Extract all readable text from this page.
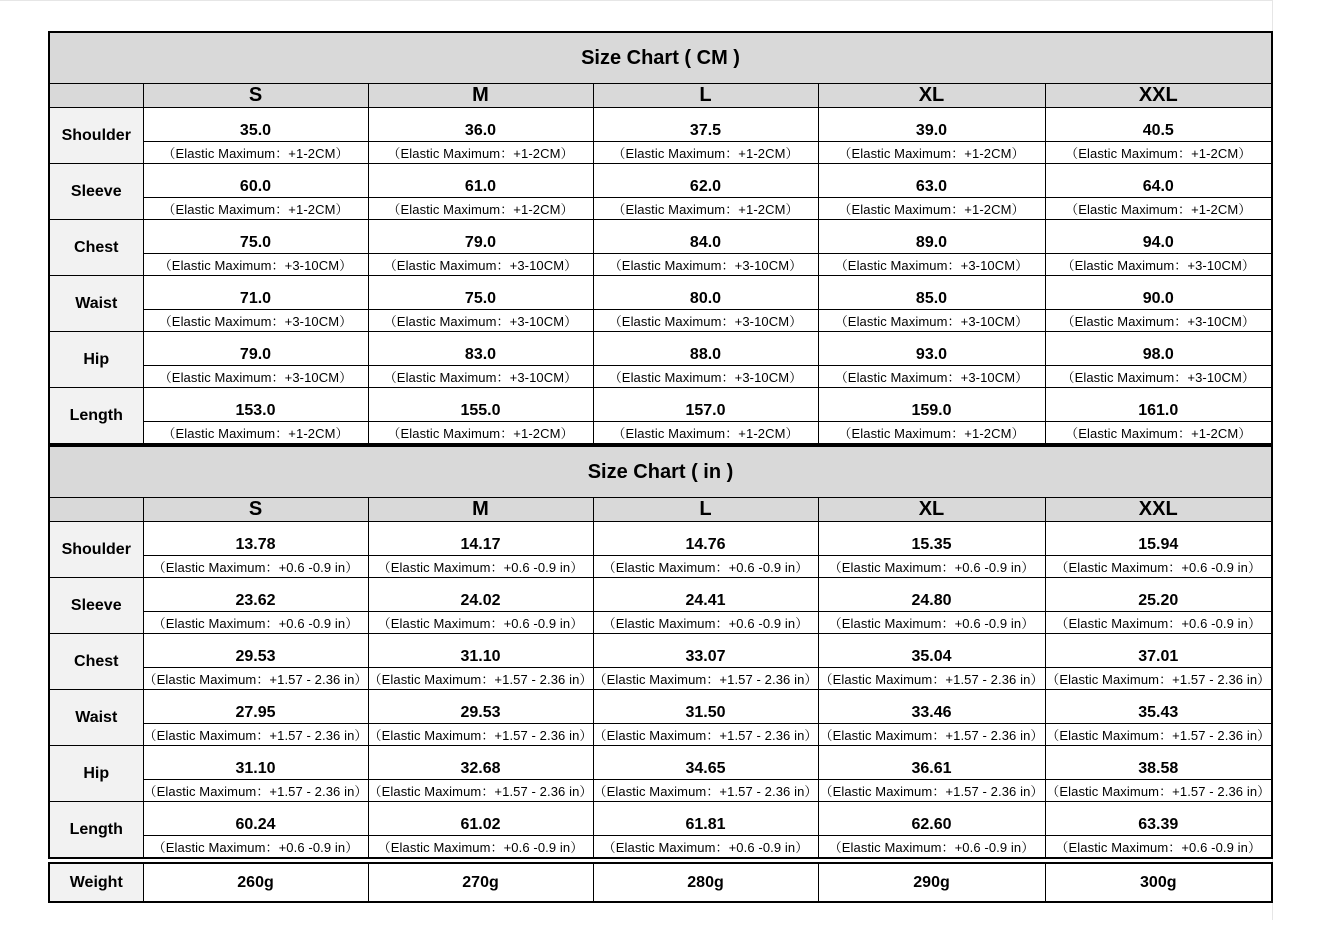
Size Chart ( CM )					
	S	M	L	XL	XXL
Shoulder	35.0	36.0	37.5	39.0	40.5
	（Elastic Maximum：+1-2CM）	（Elastic Maximum：+1-2CM）	（Elastic Maximum：+1-2CM）	（Elastic Maximum：+1-2CM）	（Elastic Maximum：+1-2CM）
Sleeve	60.0	61.0	62.0	63.0	64.0
	（Elastic Maximum：+1-2CM）	（Elastic Maximum：+1-2CM）	（Elastic Maximum：+1-2CM）	（Elastic Maximum：+1-2CM）	（Elastic Maximum：+1-2CM）
Chest	75.0	79.0	84.0	89.0	94.0
	（Elastic Maximum：+3-10CM）	（Elastic Maximum：+3-10CM）	（Elastic Maximum：+3-10CM）	（Elastic Maximum：+3-10CM）	（Elastic Maximum：+3-10CM）
Waist	71.0	75.0	80.0	85.0	90.0
	（Elastic Maximum：+3-10CM）	（Elastic Maximum：+3-10CM）	（Elastic Maximum：+3-10CM）	（Elastic Maximum：+3-10CM）	（Elastic Maximum：+3-10CM）
Hip	79.0	83.0	88.0	93.0	98.0
	（Elastic Maximum：+3-10CM）	（Elastic Maximum：+3-10CM）	（Elastic Maximum：+3-10CM）	（Elastic Maximum：+3-10CM）	（Elastic Maximum：+3-10CM）
Length	153.0	155.0	157.0	159.0	161.0
	（Elastic Maximum：+1-2CM）	（Elastic Maximum：+1-2CM）	（Elastic Maximum：+1-2CM）	（Elastic Maximum：+1-2CM）	（Elastic Maximum：+1-2CM）
Size Chart ( in )					
	S	M	L	XL	XXL
Shoulder	13.78	14.17	14.76	15.35	15.94
	（Elastic Maximum：+0.6 -0.9 in）	（Elastic Maximum：+0.6 -0.9 in）	（Elastic Maximum：+0.6 -0.9 in）	（Elastic Maximum：+0.6 -0.9 in）	（Elastic Maximum：+0.6 -0.9 in）
Sleeve	23.62	24.02	24.41	24.80	25.20
	（Elastic Maximum：+0.6 -0.9 in）	（Elastic Maximum：+0.6 -0.9 in）	（Elastic Maximum：+0.6 -0.9 in）	（Elastic Maximum：+0.6 -0.9 in）	（Elastic Maximum：+0.6 -0.9 in）
Chest	29.53	31.10	33.07	35.04	37.01
	（Elastic Maximum：+1.57 - 2.36 in）	（Elastic Maximum：+1.57 - 2.36 in）	（Elastic Maximum：+1.57 - 2.36 in）	（Elastic Maximum：+1.57 - 2.36 in）	（Elastic Maximum：+1.57 - 2.36 in）
Waist	27.95	29.53	31.50	33.46	35.43
	（Elastic Maximum：+1.57 - 2.36 in）	（Elastic Maximum：+1.57 - 2.36 in）	（Elastic Maximum：+1.57 - 2.36 in）	（Elastic Maximum：+1.57 - 2.36 in）	（Elastic Maximum：+1.57 - 2.36 in）
Hip	31.10	32.68	34.65	36.61	38.58
	（Elastic Maximum：+1.57 - 2.36 in）	（Elastic Maximum：+1.57 - 2.36 in）	（Elastic Maximum：+1.57 - 2.36 in）	（Elastic Maximum：+1.57 - 2.36 in）	（Elastic Maximum：+1.57 - 2.36 in）
Length	60.24	61.02	61.81	62.60	63.39
	（Elastic Maximum：+0.6 -0.9 in）	（Elastic Maximum：+0.6 -0.9 in）	（Elastic Maximum：+0.6 -0.9 in）	（Elastic Maximum：+0.6 -0.9 in）	（Elastic Maximum：+0.6 -0.9 in）
Weight	260g	270g	280g	290g	300g
